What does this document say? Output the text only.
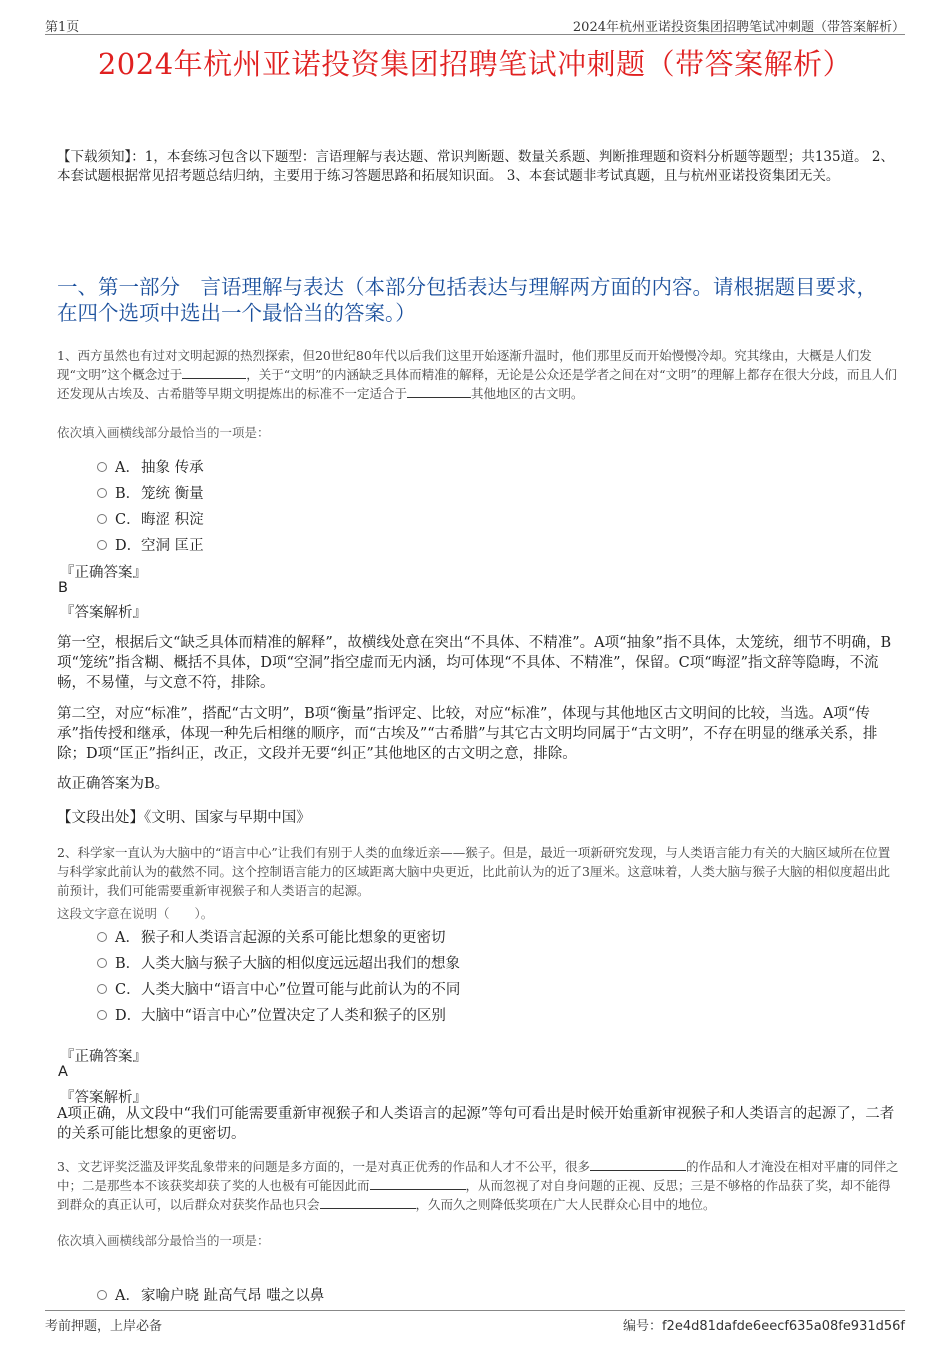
第1页	2024年杭州亚诺投资集团招聘笔试冲刺题（带答案解析）
2024年杭州亚诺投资集团招聘笔试冲刺题（带答案解析）
【下载须知】：1，本套练习包含以下题型：言语理解与表达题、常识判断题、数量关系题、判断推理题和资料分析题等题型；共135道。 2、本套试题根据常见招考题总结归纳，主要用于练习答题思路和拓展知识面。 3、本套试题非考试真题，且与杭州亚诺投资集团无关。
一、第一部分　言语理解与表达（本部分包括表达与理解两方面的内容。请根据题目要求，在四个选项中选出一个最恰当的答案。）
1、西方虽然也有过对文明起源的热烈探索，但20世纪80年代以后我们这里开始逐渐升温时，他们那里反而开始慢慢冷却。究其缘由，大概是人们发现“文明”这个概念过于	，关于“文明”的内涵缺乏具体而精准的解释，无论是公众还是学者之间在对“文明”的理解上都存在很大分歧，而且人们还发现从古埃及、古希腊等早期文明提炼出的标准不一定适合于	其他地区的古文明。
依次填入画横线部分最恰当的一项是：
A．抽象 传承
B．笼统 衡量
C．晦涩 积淀
D．空洞 匡正
『正确答案』
B
『答案解析』
第一空，根据后文“缺乏具体而精准的解释”，故横线处意在突出“不具体、不精准”。A项“抽象”指不具体，太笼统，细节不明确，B项“笼统”指含糊、概括不具体，D项“空洞”指空虚而无内涵，均可体现“不具体、不精准”，保留。C项“晦涩”指文辞等隐晦，不流畅，不易懂，与文意不符，排除。
第二空，对应“标准”，搭配“古文明”，B项“衡量”指评定、比较，对应“标准”，体现与其他地区古文明间的比较，当选。A项“传承”指传授和继承，体现一种先后相继的顺序，而“古埃及”“古希腊”与其它古文明均同属于“古文明”，不存在明显的继承关系，排除；D项“匡正”指纠正，改正，文段并无要“纠正”其他地区的古文明之意，排除。
故正确答案为B。
【文段出处】《文明、国家与早期中国》
2、科学家一直认为大脑中的“语言中心”让我们有别于人类的血缘近亲——猴子。但是，最近一项新研究发现，与人类语言能力有关的大脑区域所在位置与科学家此前认为的截然不同。这个控制语言能力的区域距离大脑中央更近，比此前认为的近了3厘米。这意味着，人类大脑与猴子大脑的相似度超出此前预计，我们可能需要重新审视猴子和人类语言的起源。
这段文字意在说明（　　）。
A．猴子和人类语言起源的关系可能比想象的更密切
B．人类大脑与猴子大脑的相似度远远超出我们的想象
C．人类大脑中“语言中心”位置可能与此前认为的不同
D．大脑中“语言中心”位置决定了人类和猴子的区别
『正确答案』
A
『答案解析』
A项正确，从文段中“我们可能需要重新审视猴子和人类语言的起源”等句可看出是时候开始重新审视猴子和人类语言的起源了，二者的关系可能比想象的更密切。
3、文艺评奖泛滥及评奖乱象带来的问题是多方面的，一是对真正优秀的作品和人才不公平，很多	的作品和人才淹没在相对平庸的同伴之中；二是那些本不该获奖却获了奖的人也极有可能因此而	，从而忽视了对自身问题的正视、反思；三是不够格的作品获了奖，却不能得到群众的真正认可，以后群众对获奖作品也只会	，久而久之则降低奖项在广大人民群众心目中的地位。
依次填入画横线部分最恰当的一项是：
A．家喻户晓 趾高气昂 嗤之以鼻
考前押题，上岸必备	编号：f2e4d81dafde6eecf635a08fe931d56f
